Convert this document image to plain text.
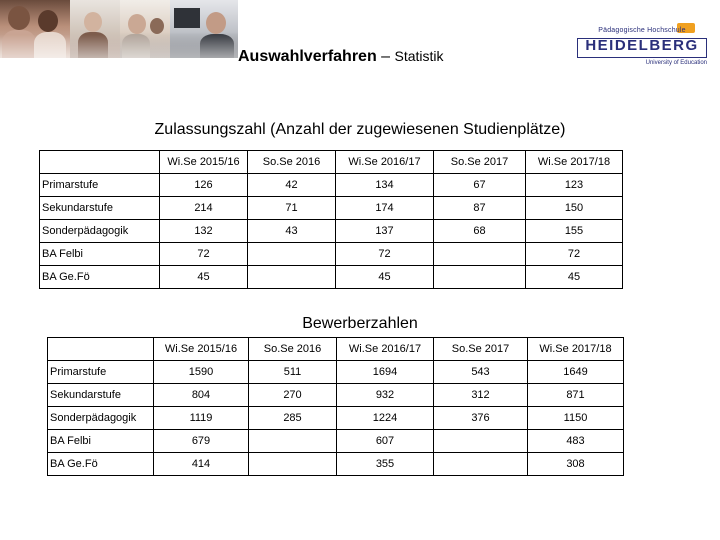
Auswahlverfahren – Statistik
Pädagogische Hochschule
HEIDELBERG
University of Education
Zulassungszahl (Anzahl der zugewiesenen Studienplätze)
	Wi.Se 2015/16	So.Se 2016	Wi.Se 2016/17	So.Se 2017	Wi.Se 2017/18
Primarstufe	126	42	134	67	123
Sekundarstufe	214	71	174	87	150
Sonderpädagogik	132	43	137	68	155
BA Felbi	72		72		72
BA Ge.Fö	45		45		45
Bewerberzahlen
	Wi.Se 2015/16	So.Se 2016	Wi.Se 2016/17	So.Se 2017	Wi.Se 2017/18
Primarstufe	1590	511	1694	543	1649
Sekundarstufe	804	270	932	312	871
Sonderpädagogik	1119	285	1224	376	1150
BA Felbi	679		607		483
BA Ge.Fö	414		355		308
